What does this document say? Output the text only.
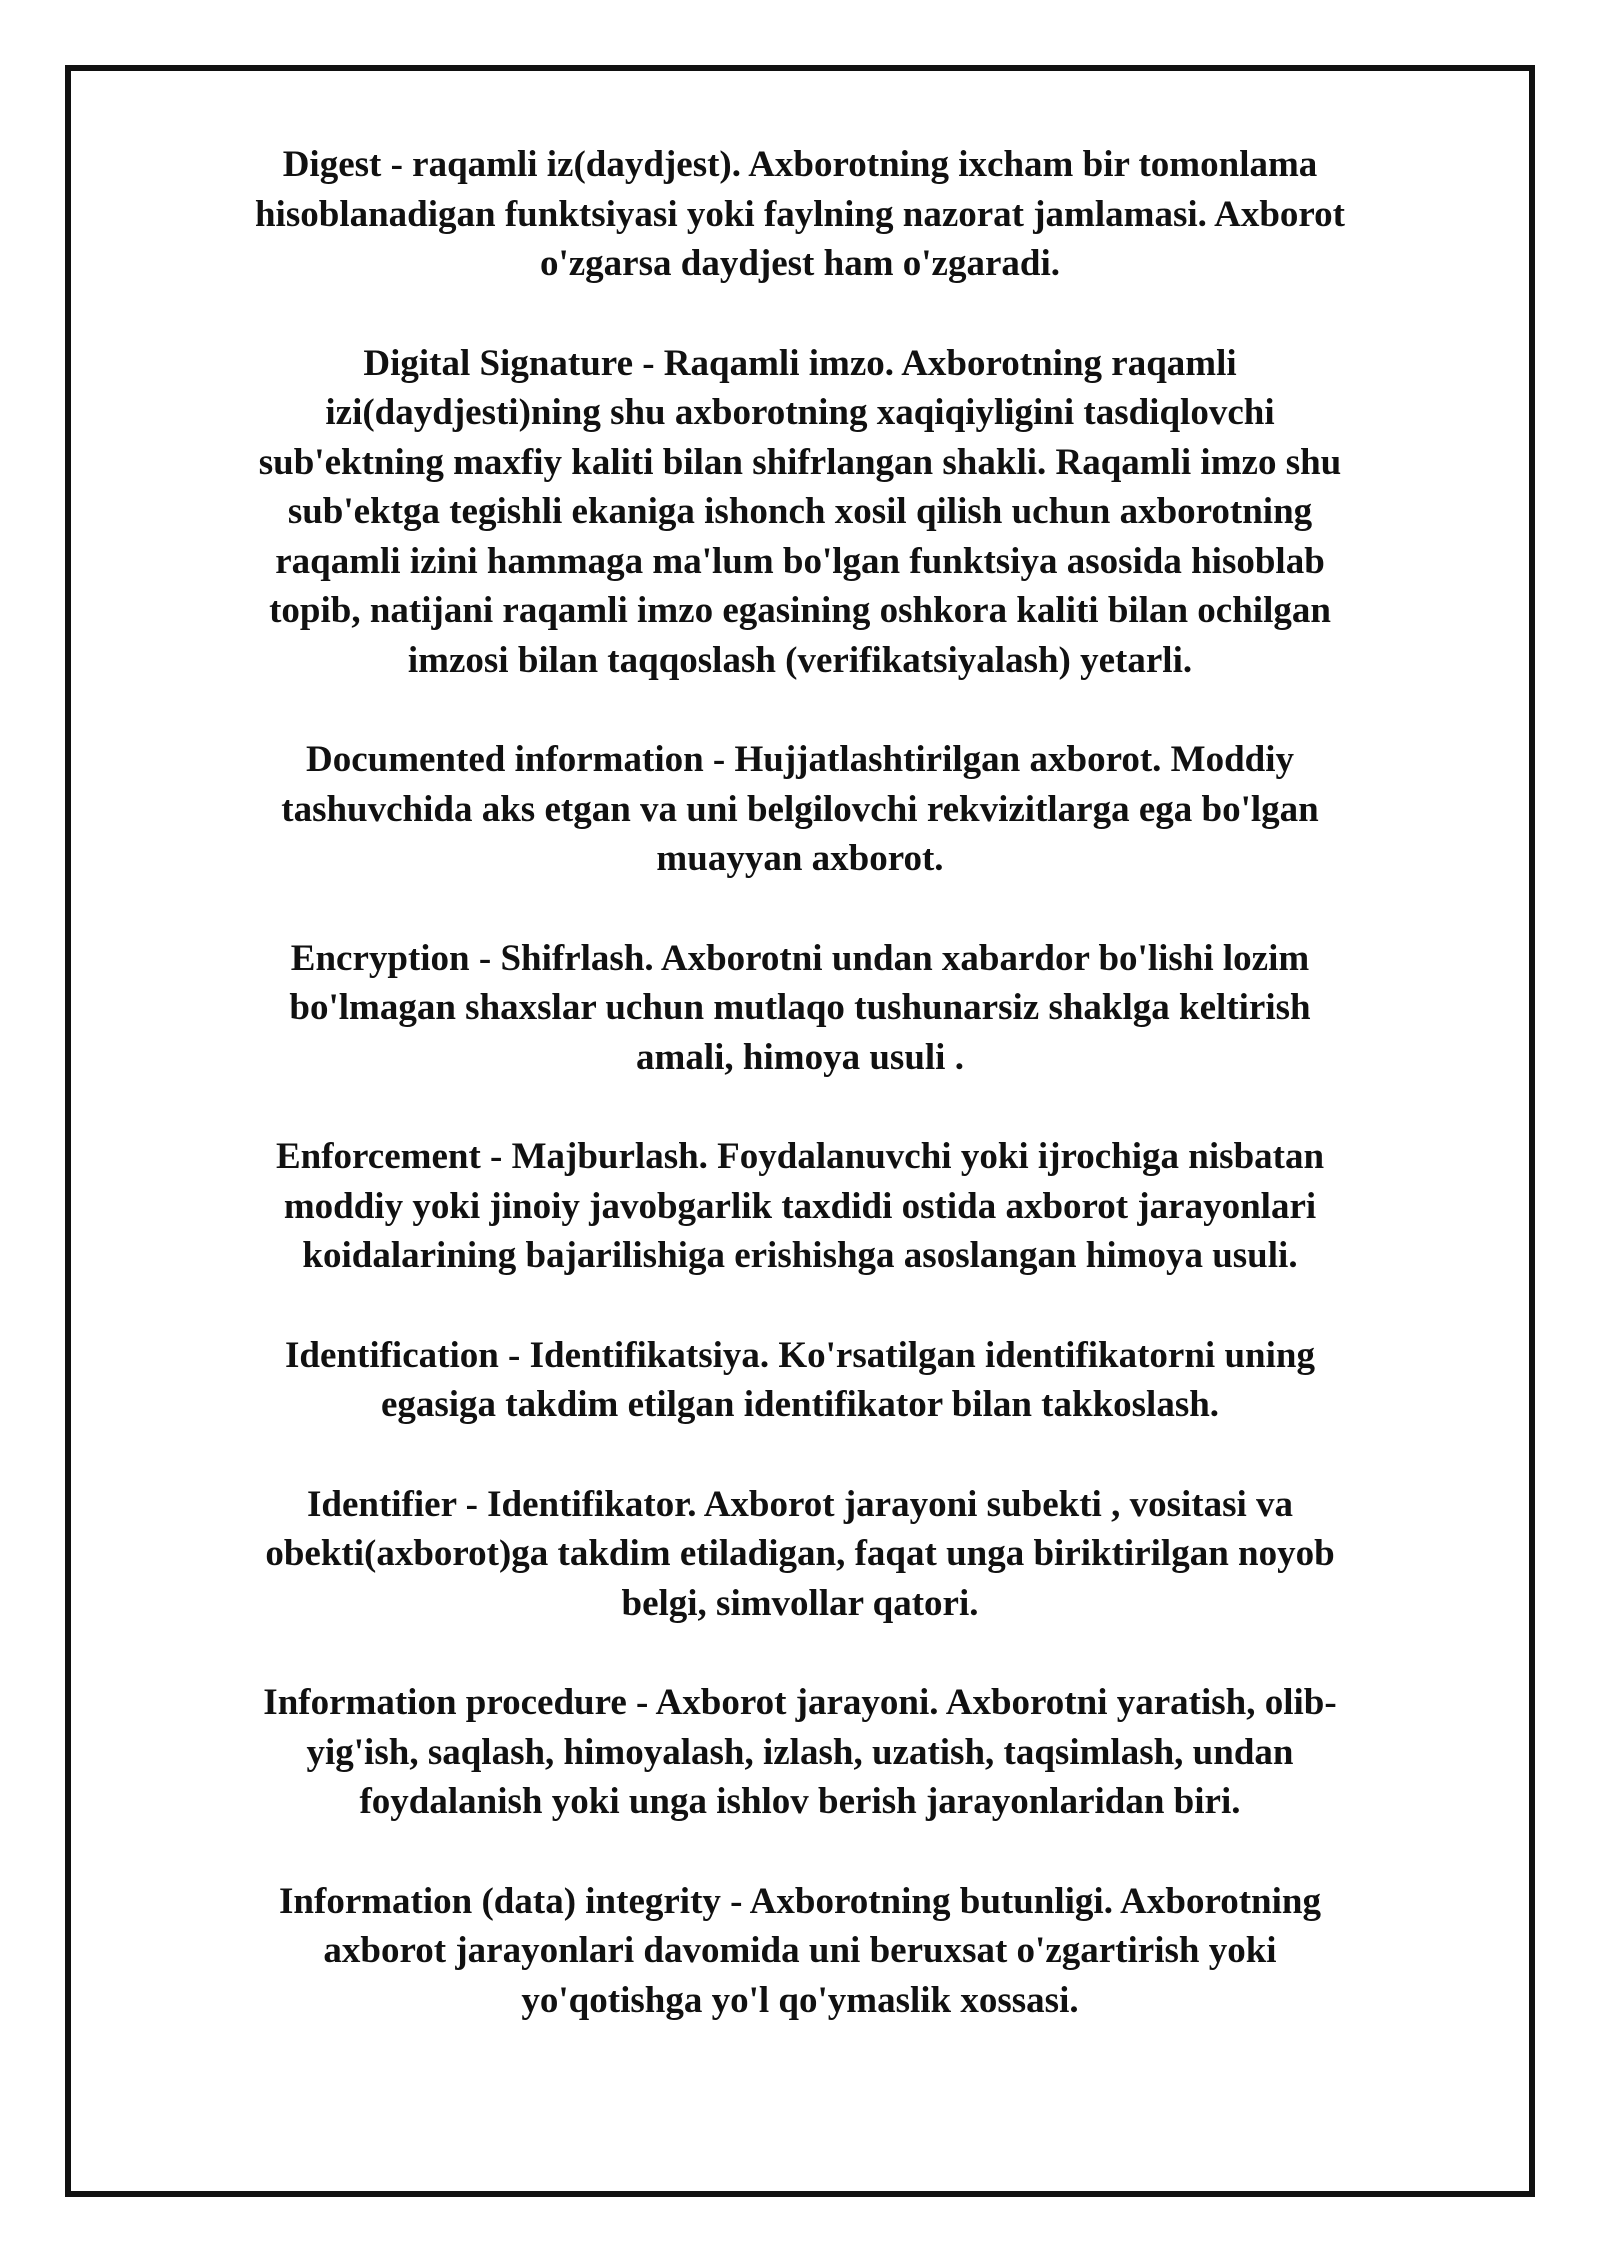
Digest - raqamli iz(daydjest). Axborotning ixcham bir tomonlama
hisoblanadigan funktsiyasi yoki faylning nazorat jamlamasi. Axborot
o'zgarsa daydjest ham o'zgaradi.

Digital Signature - Raqamli imzo. Axborotning raqamli
izi(daydjesti)ning shu axborotning xaqiqiyligini tasdiqlovchi
sub'ektning maxfiy kaliti bilan shifrlangan shakli. Raqamli imzo shu
sub'ektga tegishli ekaniga ishonch xosil qilish uchun axborotning
raqamli izini hammaga ma'lum bo'lgan funktsiya asosida hisoblab
topib, natijani raqamli imzo egasining oshkora kaliti bilan ochilgan
imzosi bilan taqqoslash (verifikatsiyalash) yetarli.

Documented information - Hujjatlashtirilgan axborot. Moddiy
tashuvchida aks etgan va uni belgilovchi rekvizitlarga ega bo'lgan
muayyan axborot.

Encryption - Shifrlash. Axborotni undan xabardor bo'lishi lozim
bo'lmagan shaxslar uchun mutlaqo tushunarsiz shaklga keltirish
amali, himoya usuli .

Enforcement - Majburlash. Foydalanuvchi yoki ijrochiga nisbatan
moddiy yoki jinoiy javobgarlik taxdidi ostida axborot jarayonlari
koidalarining bajarilishiga erishishga asoslangan himoya usuli.

Identification - Identifikatsiya. Ko'rsatilgan identifikatorni uning
egasiga takdim etilgan identifikator bilan takkoslash.

Identifier - Identifikator. Axborot jarayoni subekti , vositasi va
obekti(axborot)ga takdim etiladigan, faqat unga biriktirilgan noyob
belgi, simvollar qatori.

Information procedure - Axborot jarayoni. Axborotni yaratish, olib-
yig'ish, saqlash, himoyalash, izlash, uzatish, taqsimlash, undan
foydalanish yoki unga ishlov berish jarayonlaridan biri.

Information (data) integrity - Axborotning butunligi. Axborotning
axborot jarayonlari davomida uni beruxsat o'zgartirish yoki
yo'qotishga yo'l qo'ymaslik xossasi.
